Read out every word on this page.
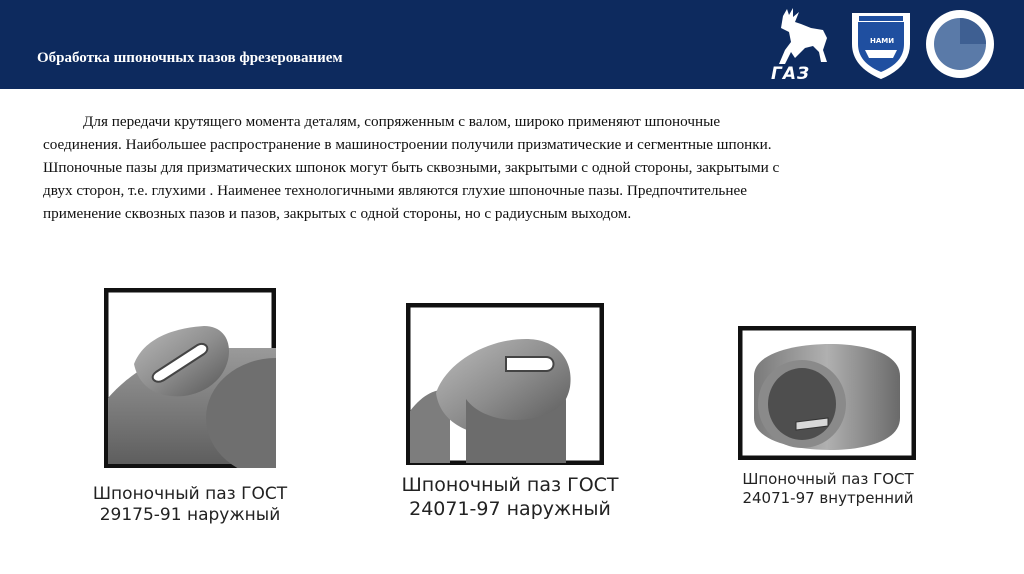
Обработка шпоночных пазов фрезерованием
ГАЗ
НАМИ

Для передачи крутящего момента деталям, сопряженным с валом, широко применяют шпоночные

соединения. Наибольшее распространение в машиностроении получили призматические и сегментные шпонки.

Шпоночные пазы для призматических шпонок могут быть сквозными, закрытыми с одной стороны, закрытыми с

двух сторон, т.е. глухими . Наименее технологичными являются глухие шпоночные пазы. Предпочтительнее

применение сквозных пазов и пазов, закрытых с одной стороны, но с радиусным выходом.

Шпоночный паз ГОСТ
29175-91 наружный
Шпоночный паз ГОСТ
24071-97 наружный
Шпоночный паз ГОСТ
24071-97 внутренний
